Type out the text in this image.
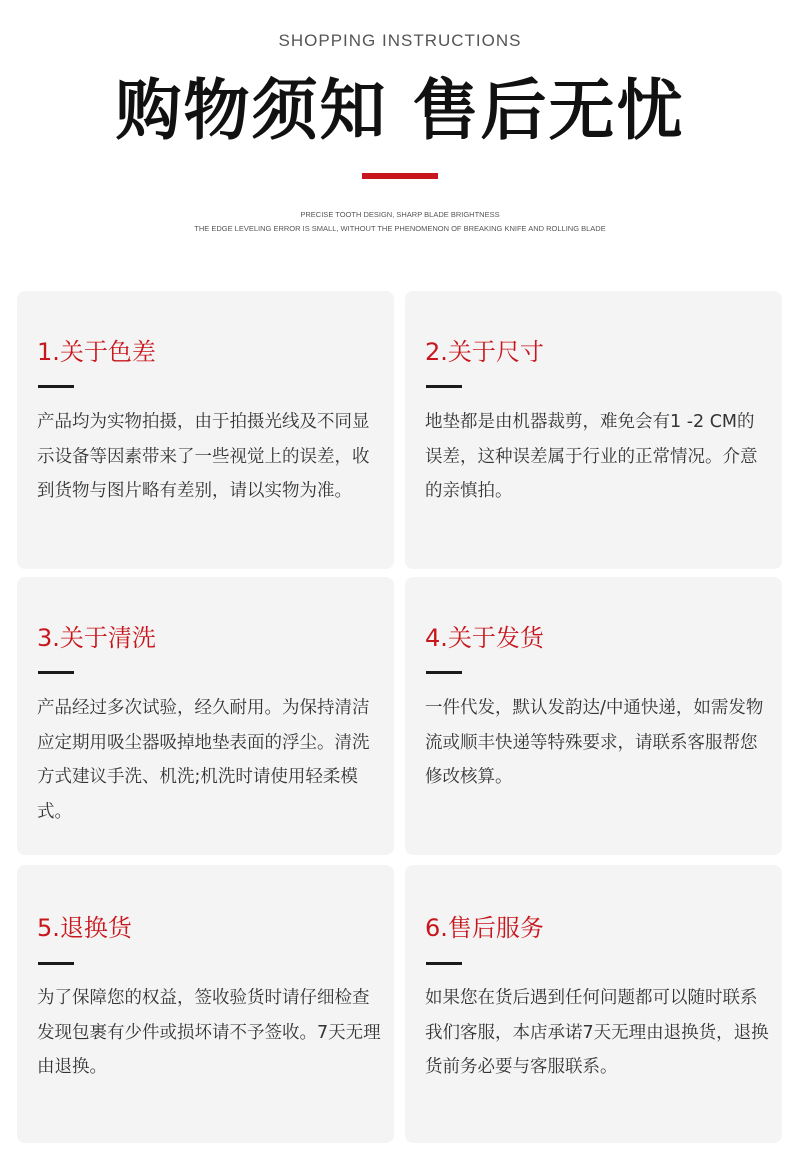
SHOPPING INSTRUCTIONS
购物须知 售后无忧
PRECISE TOOTH DESIGN, SHARP BLADE BRIGHTNESS
THE EDGE LEVELING ERROR IS SMALL, WITHOUT THE PHENOMENON OF BREAKING KNIFE AND ROLLING BLADE
1.关于色差
产品均为实物拍摄，由于拍摄光线及不同显示设备等因素带来了一些视觉上的误差，收到货物与图片略有差别，请以实物为准。
2.关于尺寸
地垫都是由机器裁剪，难免会有1 -2 CM的误差，这种误差属于行业的正常情况。介意的亲慎拍。
3.关于清洗
产品经过多次试验，经久耐用。为保持清洁应定期用吸尘器吸掉地垫表面的浮尘。清洗方式建议手洗、机洗;机洗时请使用轻柔模式。
4.关于发货
一件代发，默认发韵达/中通快递，如需发物流或顺丰快递等特殊要求，请联系客服帮您修改核算。
5.退换货
为了保障您的权益，签收验货时请仔细检查发现包裹有少件或损坏请不予签收。7天无理由退换。
6.售后服务
如果您在货后遇到任何问题都可以随时联系我们客服，本店承诺7天无理由退换货，退换货前务必要与客服联系。
